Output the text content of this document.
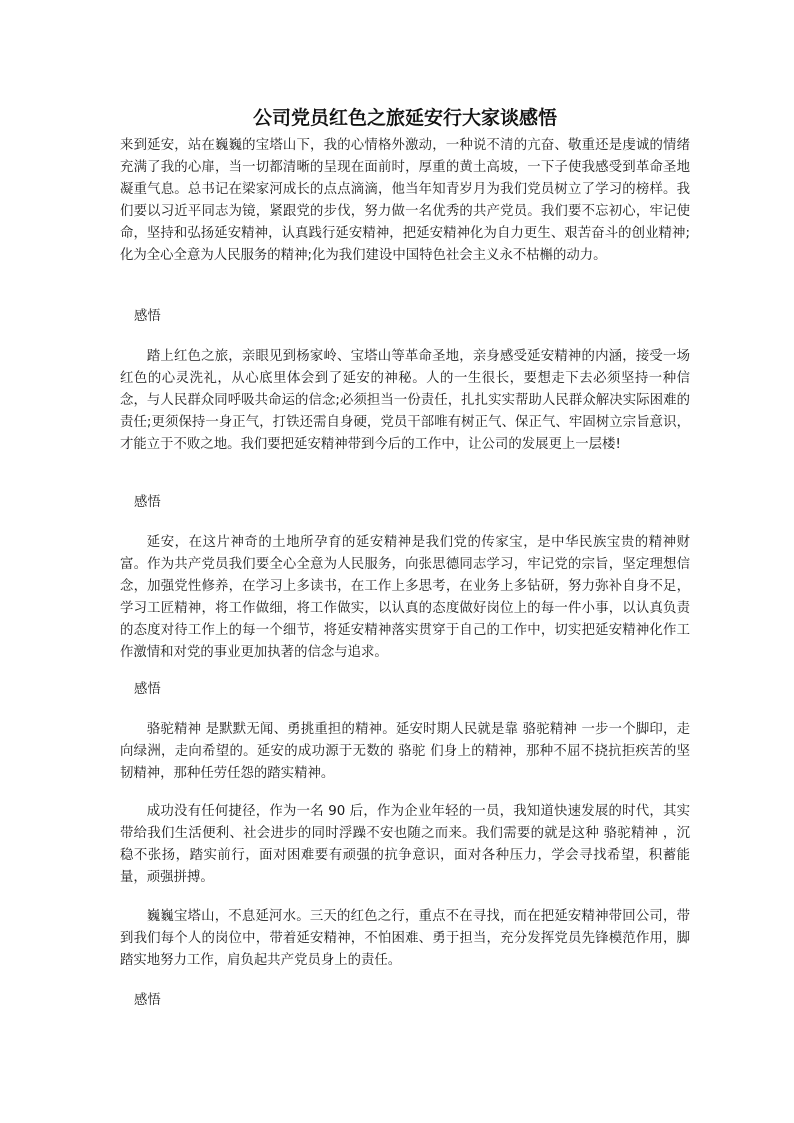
公司党员红色之旅延安行大家谈感悟

来到延安，站在巍巍的宝塔山下，我的心情格外激动，一种说不清的亢奋、敬重还是虔诚的情绪充满了我的心扉，当一切都清晰的呈现在面前时，厚重的黄土高坡，一下子使我感受到革命圣地凝重气息。总书记在梁家河成长的点点滴滴，他当年知青岁月为我们党员树立了学习的榜样。我们要以习近平同志为镜，紧跟党的步伐，努力做一名优秀的共产党员。我们要不忘初心，牢记使命，坚持和弘扬延安精神，认真践行延安精神，把延安精神化为自力更生、艰苦奋斗的创业精神;化为全心全意为人民服务的精神;化为我们建设中国特色社会主义永不枯槲的动力。

感悟

踏上红色之旅，亲眼见到杨家岭、宝塔山等革命圣地，亲身感受延安精神的内涵，接受一场红色的心灵洗礼，从心底里体会到了延安的神秘。人的一生很长，要想走下去必须坚持一种信念，与人民群众同呼吸共命运的信念;必须担当一份责任，扎扎实实帮助人民群众解决实际困难的责任;更须保持一身正气，打铁还需自身硬，党员干部唯有树正气、保正气、牢固树立宗旨意识，才能立于不败之地。我们要把延安精神带到今后的工作中，让公司的发展更上一层楼!

感悟

延安，在这片神奇的土地所孕育的延安精神是我们党的传家宝，是中华民族宝贵的精神财富。作为共产党员我们要全心全意为人民服务，向张思德同志学习，牢记党的宗旨，坚定理想信念，加强党性修养，在学习上多读书，在工作上多思考，在业务上多钻研，努力弥补自身不足， 学习工匠精神，将工作做细，将工作做实，以认真的态度做好岗位上的每一件小事，以认真负责的态度对待工作上的每一个细节，将延安精神落实贯穿于自己的工作中，切实把延安精神化作工作激情和对党的事业更加执著的信念与追求。

感悟

骆驼精神 是默默无闻、勇挑重担的精神。延安时期人民就是靠 骆驼精神 一步一个脚印，走向绿洲，走向希望的。延安的成功源于无数的 骆驼 们身上的精神，那种不屈不挠抗拒疾苦的坚韧精神，那种任劳任怨的踏实精神。

成功没有任何捷径，作为一名 90 后，作为企业年轻的一员，我知道快速发展的时代，其实带给我们生活便利、社会进步的同时浮躁不安也随之而来。我们需要的就是这种 骆驼精神 ，沉稳不张扬，踏实前行，面对困难要有顽强的抗争意识，面对各种压力，学会寻找希望，积蓄能量，顽强拼搏。

巍巍宝塔山，不息延河水。三天的红色之行，重点不在寻找，而在把延安精神带回公司，带到我们每个人的岗位中，带着延安精神，不怕困难、勇于担当，充分发挥党员先锋模范作用，脚踏实地努力工作，肩负起共产党员身上的责任。

感悟
